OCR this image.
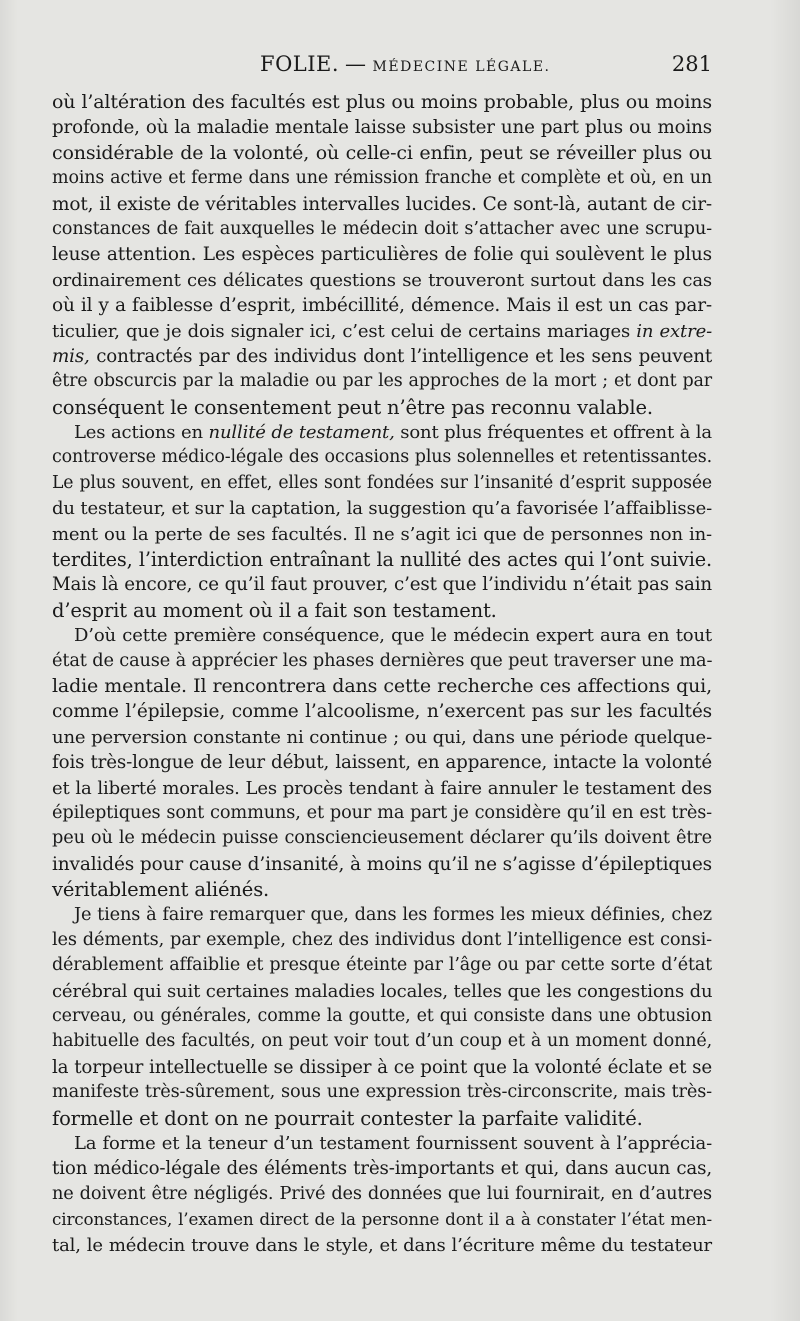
FOLIE. — MÉDECINE LÉGALE.	281
où l’altération des facultés est plus ou moins probable, plus ou moins
profonde, où la maladie mentale laisse subsister une part plus ou moins
considérable de la volonté, où celle-ci enfin, peut se réveiller plus ou
moins active et ferme dans une rémission franche et complète et où, en un
mot, il existe de véritables intervalles lucides. Ce sont-là, autant de cir-
constances de fait auxquelles le médecin doit s’attacher avec une scrupu-
leuse attention. Les espèces particulières de folie qui soulèvent le plus
ordinairement ces délicates questions se trouveront surtout dans les cas
où il y a faiblesse d’esprit, imbécillité, démence. Mais il est un cas par-
ticulier, que je dois signaler ici, c’est celui de certains mariages in extre-
mis, contractés par des individus dont l’intelligence et les sens peuvent
être obscurcis par la maladie ou par les approches de la mort ; et dont par
conséquent le consentement peut n’être pas reconnu valable.
Les actions en nullité de testament, sont plus fréquentes et offrent à la
controverse médico-légale des occasions plus solennelles et retentissantes.
Le plus souvent, en effet, elles sont fondées sur l’insanité d’esprit supposée
du testateur, et sur la captation, la suggestion qu’a favorisée l’affaiblisse-
ment ou la perte de ses facultés. Il ne s’agit ici que de personnes non in-
terdites, l’interdiction entraînant la nullité des actes qui l’ont suivie.
Mais là encore, ce qu’il faut prouver, c’est que l’individu n’était pas sain
d’esprit au moment où il a fait son testament.
D’où cette première conséquence, que le médecin expert aura en tout
état de cause à apprécier les phases dernières que peut traverser une ma-
ladie mentale. Il rencontrera dans cette recherche ces affections qui,
comme l’épilepsie, comme l’alcoolisme, n’exercent pas sur les facultés
une perversion constante ni continue ; ou qui, dans une période quelque-
fois très-longue de leur début, laissent, en apparence, intacte la volonté
et la liberté morales. Les procès tendant à faire annuler le testament des
épileptiques sont communs, et pour ma part je considère qu’il en est très-
peu où le médecin puisse consciencieusement déclarer qu’ils doivent être
invalidés pour cause d’insanité, à moins qu’il ne s’agisse d’épileptiques
véritablement aliénés.
Je tiens à faire remarquer que, dans les formes les mieux définies, chez
les déments, par exemple, chez des individus dont l’intelligence est consi-
dérablement affaiblie et presque éteinte par l’âge ou par cette sorte d’état
cérébral qui suit certaines maladies locales, telles que les congestions du
cerveau, ou générales, comme la goutte, et qui consiste dans une obtusion
habituelle des facultés, on peut voir tout d’un coup et à un moment donné,
la torpeur intellectuelle se dissiper à ce point que la volonté éclate et se
manifeste très-sûrement, sous une expression très-circonscrite, mais très-
formelle et dont on ne pourrait contester la parfaite validité.
La forme et la teneur d’un testament fournissent souvent à l’apprécia-
tion médico-légale des éléments très-importants et qui, dans aucun cas,
ne doivent être négligés. Privé des données que lui fournirait, en d’autres
circonstances, l’examen direct de la personne dont il a à constater l’état men-
tal, le médecin trouve dans le style, et dans l’écriture même du testateur
